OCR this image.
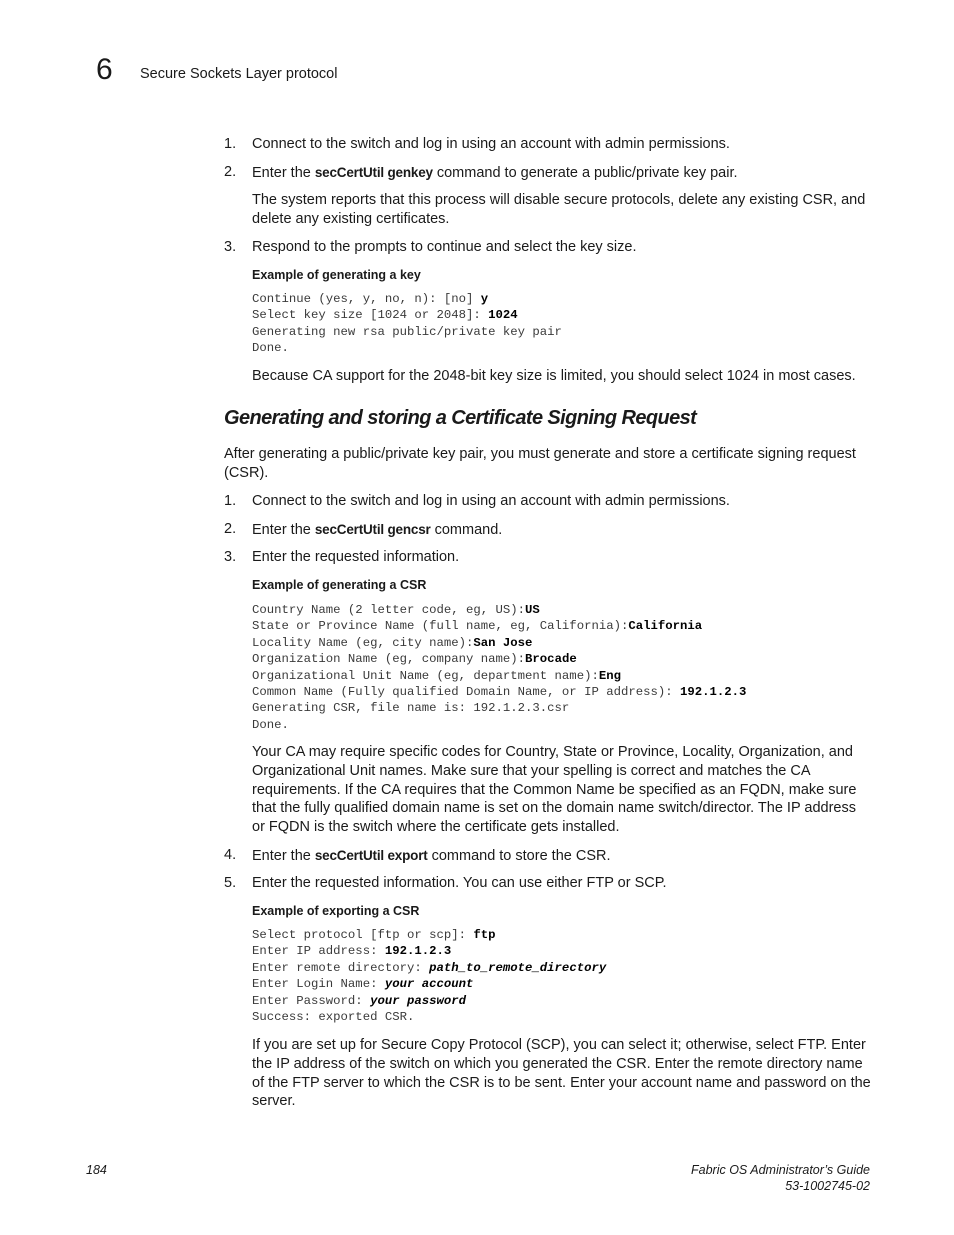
6 Secure Sockets Layer protocol
1.	Connect to the switch and log in using an account with admin permissions.
2.	Enter the secCertUtil genkey command to generate a public/private key pair.
The system reports that this process will disable secure protocols, delete any existing CSR, and delete any existing certificates.
3.	Respond to the prompts to continue and select the key size.
Example of generating a key
Continue (yes, y, no, n): [no] y
Select key size [1024 or 2048]: 1024
Generating new rsa public/private key pair
Done.
Because CA support for the 2048-bit key size is limited, you should select 1024 in most cases.
Generating and storing a Certificate Signing Request
After generating a public/private key pair, you must generate and store a certificate signing request (CSR).
1.	Connect to the switch and log in using an account with admin permissions.
2.	Enter the secCertUtil gencsr command.
3.	Enter the requested information.
Example of generating a CSR
Country Name (2 letter code, eg, US):US
State or Province Name (full name, eg, California):California
Locality Name (eg, city name):San Jose
Organization Name (eg, company name):Brocade
Organizational Unit Name (eg, department name):Eng
Common Name (Fully qualified Domain Name, or IP address): 192.1.2.3
Generating CSR, file name is: 192.1.2.3.csr
Done.
Your CA may require specific codes for Country, State or Province, Locality, Organization, and Organizational Unit names. Make sure that your spelling is correct and matches the CA requirements. If the CA requires that the Common Name be specified as an FQDN, make sure that the fully qualified domain name is set on the domain name switch/director. The IP address or FQDN is the switch where the certificate gets installed.
4.	Enter the secCertUtil export command to store the CSR.
5.	Enter the requested information. You can use either FTP or SCP.
Example of exporting a CSR
Select protocol [ftp or scp]: ftp
Enter IP address: 192.1.2.3
Enter remote directory: path_to_remote_directory
Enter Login Name: your account
Enter Password: your password
Success: exported CSR.
If you are set up for Secure Copy Protocol (SCP), you can select it; otherwise, select FTP. Enter the IP address of the switch on which you generated the CSR. Enter the remote directory name of the FTP server to which the CSR is to be sent. Enter your account name and password on the server.
184	Fabric OS Administrator’s Guide
53-1002745-02
